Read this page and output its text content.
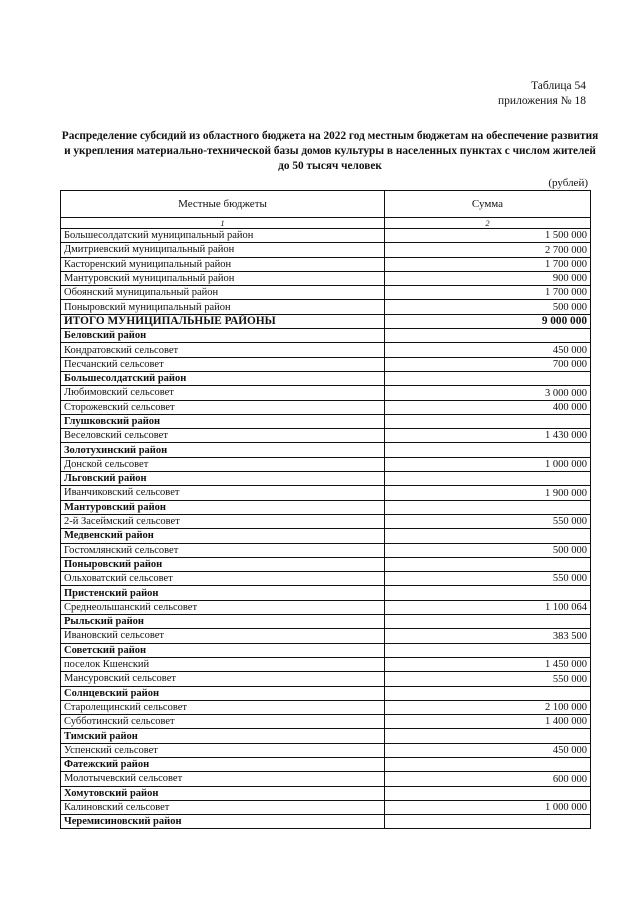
Таблица 54
приложения № 18
Распределение субсидий из областного бюджета на 2022 год местным бюджетам на обеспечение развития и укрепления материально-технической базы домов культуры в населенных пунктах с числом жителей до 50 тысяч человек
(рублей)
Местные бюджеты	Сумма
1	2
Большесолдатский муниципальный район	1 500 000
Дмитриевский муниципальный район	2 700 000
Касторенский муниципальный район	1 700 000
Мантуровский муниципальный район	900 000
Обоянский муниципальный район	1 700 000
Поныровский муниципальный район	500 000
ИТОГО МУНИЦИПАЛЬНЫЕ РАЙОНЫ	9 000 000
Беловский район	
Кондратовский сельсовет	450 000
Песчанский сельсовет	700 000
Большесолдатский район	
Любимовский сельсовет	3 000 000
Сторожевский сельсовет	400 000
Глушковский район	
Веселовский сельсовет	1 430 000
Золотухинский район	
Донской сельсовет	1 000 000
Льговский район	
Иванчиковский сельсовет	1 900 000
Мантуровский район	
2-й Засеймский сельсовет	550 000
Медвенский район	
Гостомлянский сельсовет	500 000
Поныровский район	
Ольховатский сельсовет	550 000
Пристенский район	
Среднеольшанский сельсовет	1 100 064
Рыльский район	
Ивановский сельсовет	383 500
Советский район	
поселок Кшенский	1 450 000
Мансуровский сельсовет	550 000
Солнцевский район	
Старолещинский сельсовет	2 100 000
Субботинский сельсовет	1 400 000
Тимский район	
Успенский сельсовет	450 000
Фатежский район	
Молотычевский сельсовет	600 000
Хомутовский район	
Калиновский сельсовет	1 000 000
Черемисиновский район	
